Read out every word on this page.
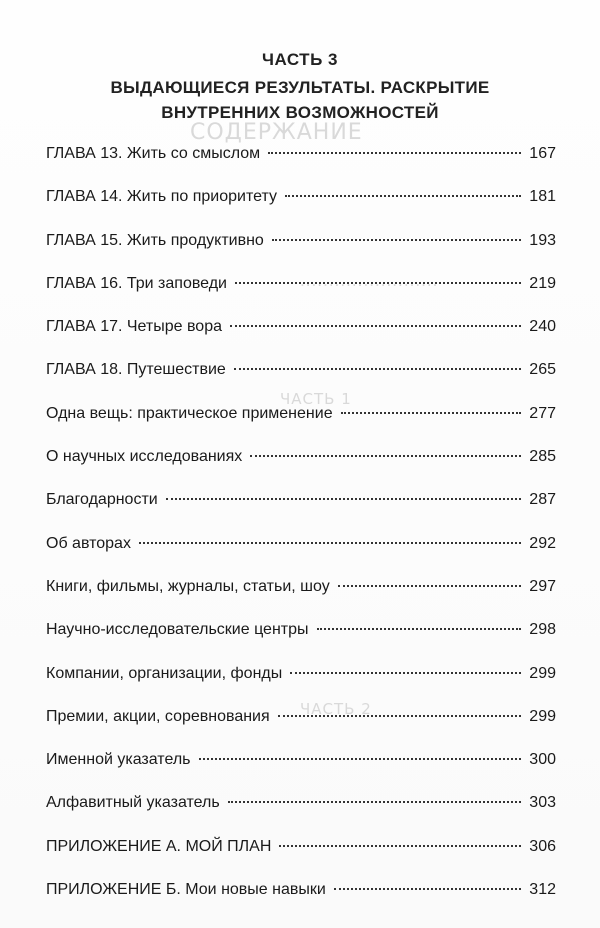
СОДЕРЖАНИЕ
........................
ЧАСТЬ 1
ЧАСТЬ 2
ЧАСТЬ 3
ВЫДАЮЩИЕСЯ РЕЗУЛЬТАТЫ. РАСКРЫТИЕ
ВНУТРЕННИХ ВОЗМОЖНОСТЕЙ
ГЛАВА 13. Жить со смыслом	167
ГЛАВА 14. Жить по приоритету	181
ГЛАВА 15. Жить продуктивно	193
ГЛАВА 16. Три заповеди	219
ГЛАВА 17. Четыре вора	240
ГЛАВА 18. Путешествие	265
Одна вещь: практическое применение	277
О научных исследованиях	285
Благодарности	287
Об авторах	292
Книги, фильмы, журналы, статьи, шоу	297
Научно-исследовательские центры	298
Компании, организации, фонды	299
Премии, акции, соревнования	299
Именной указатель	300
Алфавитный указатель	303
ПРИЛОЖЕНИЕ А. МОЙ ПЛАН	306
ПРИЛОЖЕНИЕ Б. Мои новые навыки	312
